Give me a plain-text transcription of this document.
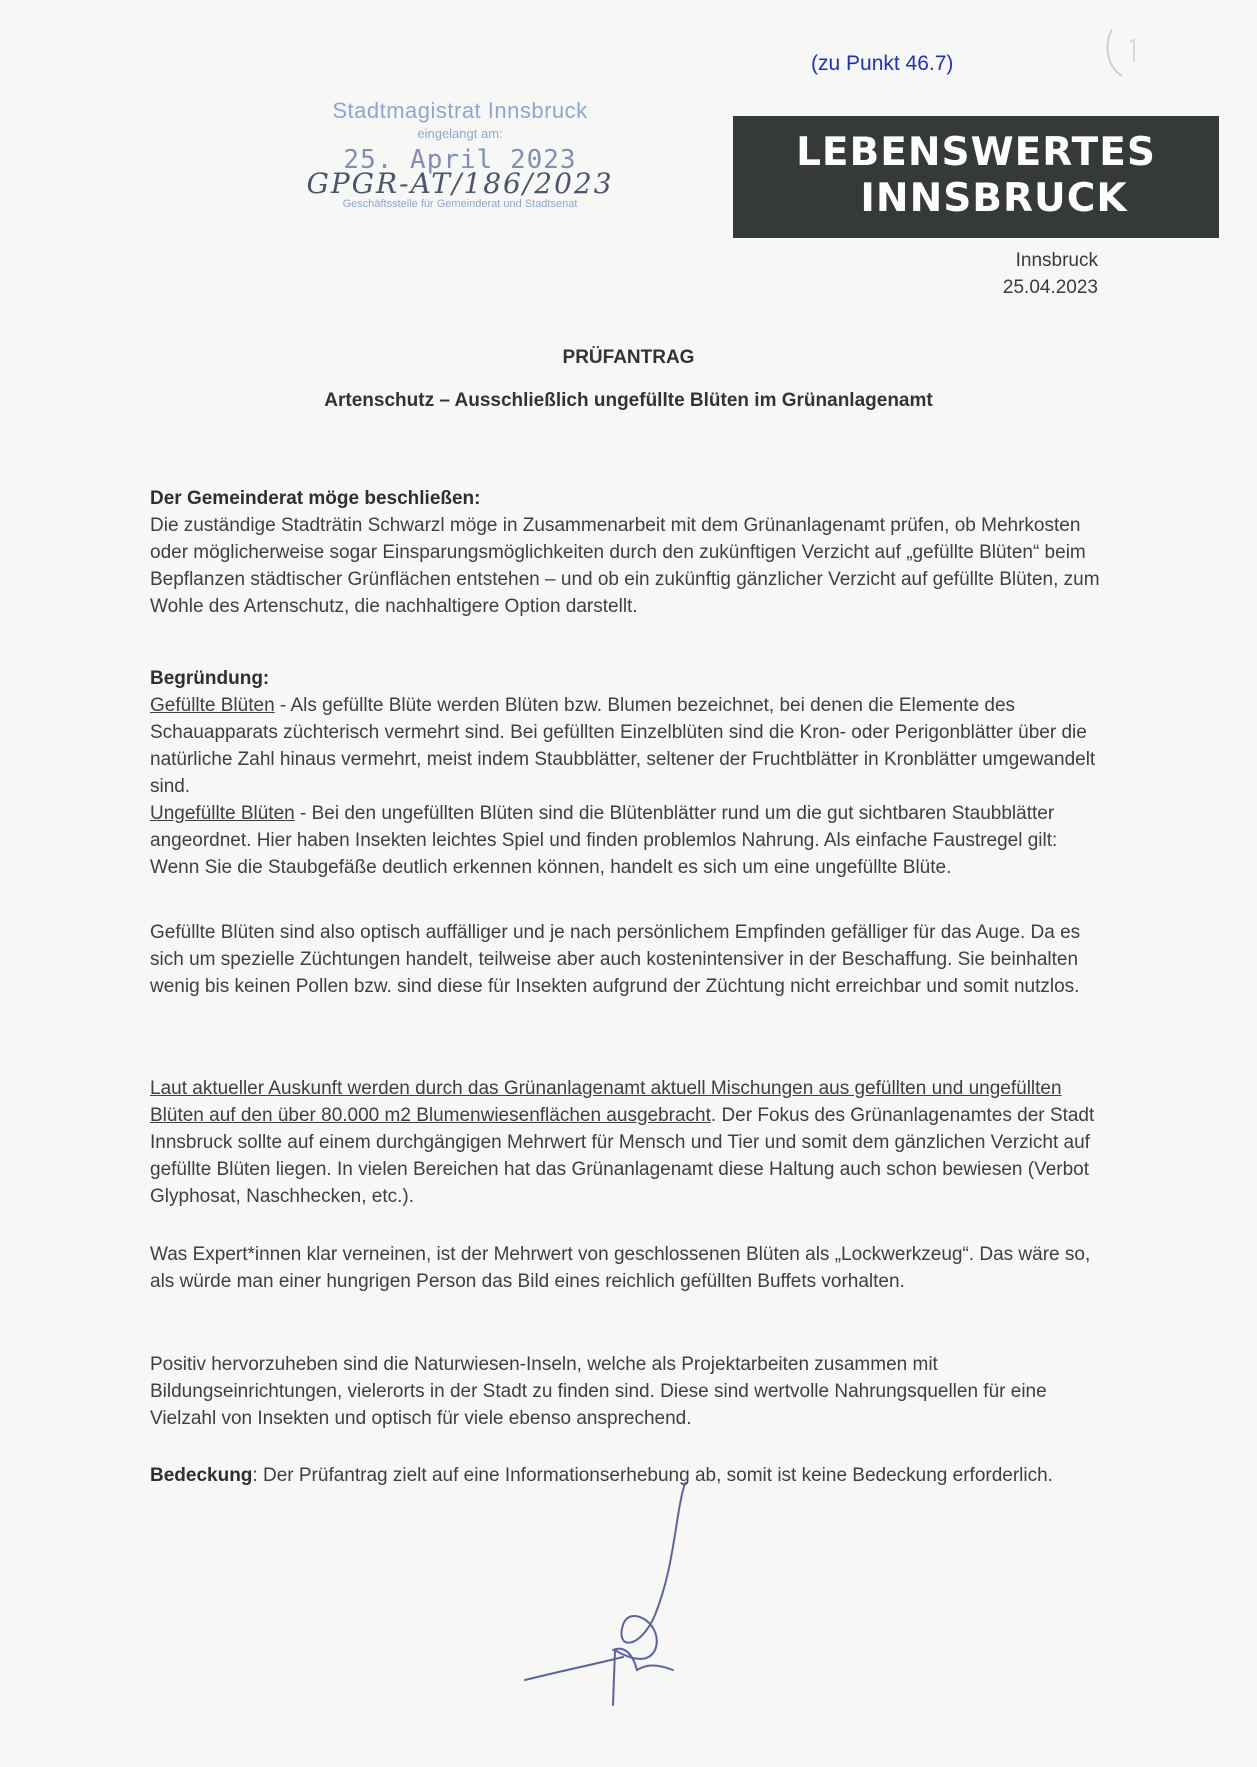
(zu Punkt 46.7)
Stadtmagistrat Innsbruck
eingelangt am:
25. April 2023
GPGR-AT/186/2023
Geschäftsstelle für Gemeinderat und Stadtsenat
LEBENSWERTES
INNSBRUCK
Innsbruck
25.04.2023
PRÜFANTRAG
Artenschutz – Ausschließlich ungefüllte Blüten im Grünanlagenamt
Der Gemeinderat möge beschließen:
Die zuständige Stadträtin Schwarzl möge in Zusammenarbeit mit dem Grünanlagenamt prüfen, ob Mehrkosten oder möglicherweise sogar Einsparungsmöglichkeiten durch den zukünftigen Verzicht auf „gefüllte Blüten“ beim Bepflanzen städtischer Grünflächen entstehen – und ob ein zukünftig gänzlicher Verzicht auf gefüllte Blüten, zum Wohle des Artenschutz, die nachhaltigere Option darstellt.
Begründung:
Gefüllte Blüten - Als gefüllte Blüte werden Blüten bzw. Blumen bezeichnet, bei denen die Elemente des Schauapparats züchterisch vermehrt sind. Bei gefüllten Einzelblüten sind die Kron- oder Perigonblätter über die natürliche Zahl hinaus vermehrt, meist indem Staubblätter, seltener der Fruchtblätter in Kronblätter umgewandelt sind.
Ungefüllte Blüten - Bei den ungefüllten Blüten sind die Blütenblätter rund um die gut sichtbaren Staubblätter angeordnet. Hier haben Insekten leichtes Spiel und finden problemlos Nahrung. Als einfache Faustregel gilt: Wenn Sie die Staubgefäße deutlich erkennen können, handelt es sich um eine ungefüllte Blüte.
Gefüllte Blüten sind also optisch auffälliger und je nach persönlichem Empfinden gefälliger für das Auge. Da es sich um spezielle Züchtungen handelt, teilweise aber auch kostenintensiver in der Beschaffung. Sie beinhalten wenig bis keinen Pollen bzw. sind diese für Insekten aufgrund der Züchtung nicht erreichbar und somit nutzlos.
Laut aktueller Auskunft werden durch das Grünanlagenamt aktuell Mischungen aus gefüllten und ungefüllten Blüten auf den über 80.000 m2 Blumenwiesenflächen ausgebracht. Der Fokus des Grünanlagenamtes der Stadt Innsbruck sollte auf einem durchgängigen Mehrwert für Mensch und Tier und somit dem gänzlichen Verzicht auf gefüllte Blüten liegen. In vielen Bereichen hat das Grünanlagenamt diese Haltung auch schon bewiesen (Verbot Glyphosat, Naschhecken, etc.).
Was Expert*innen klar verneinen, ist der Mehrwert von geschlossenen Blüten als „Lockwerkzeug“. Das wäre so, als würde man einer hungrigen Person das Bild eines reichlich gefüllten Buffets vorhalten.
Positiv hervorzuheben sind die Naturwiesen-Inseln, welche als Projektarbeiten zusammen mit Bildungseinrichtungen, vielerorts in der Stadt zu finden sind. Diese sind wertvolle Nahrungsquellen für eine Vielzahl von Insekten und optisch für viele ebenso ansprechend.
Bedeckung: Der Prüfantrag zielt auf eine Informationserhebung ab, somit ist keine Bedeckung erforderlich.
